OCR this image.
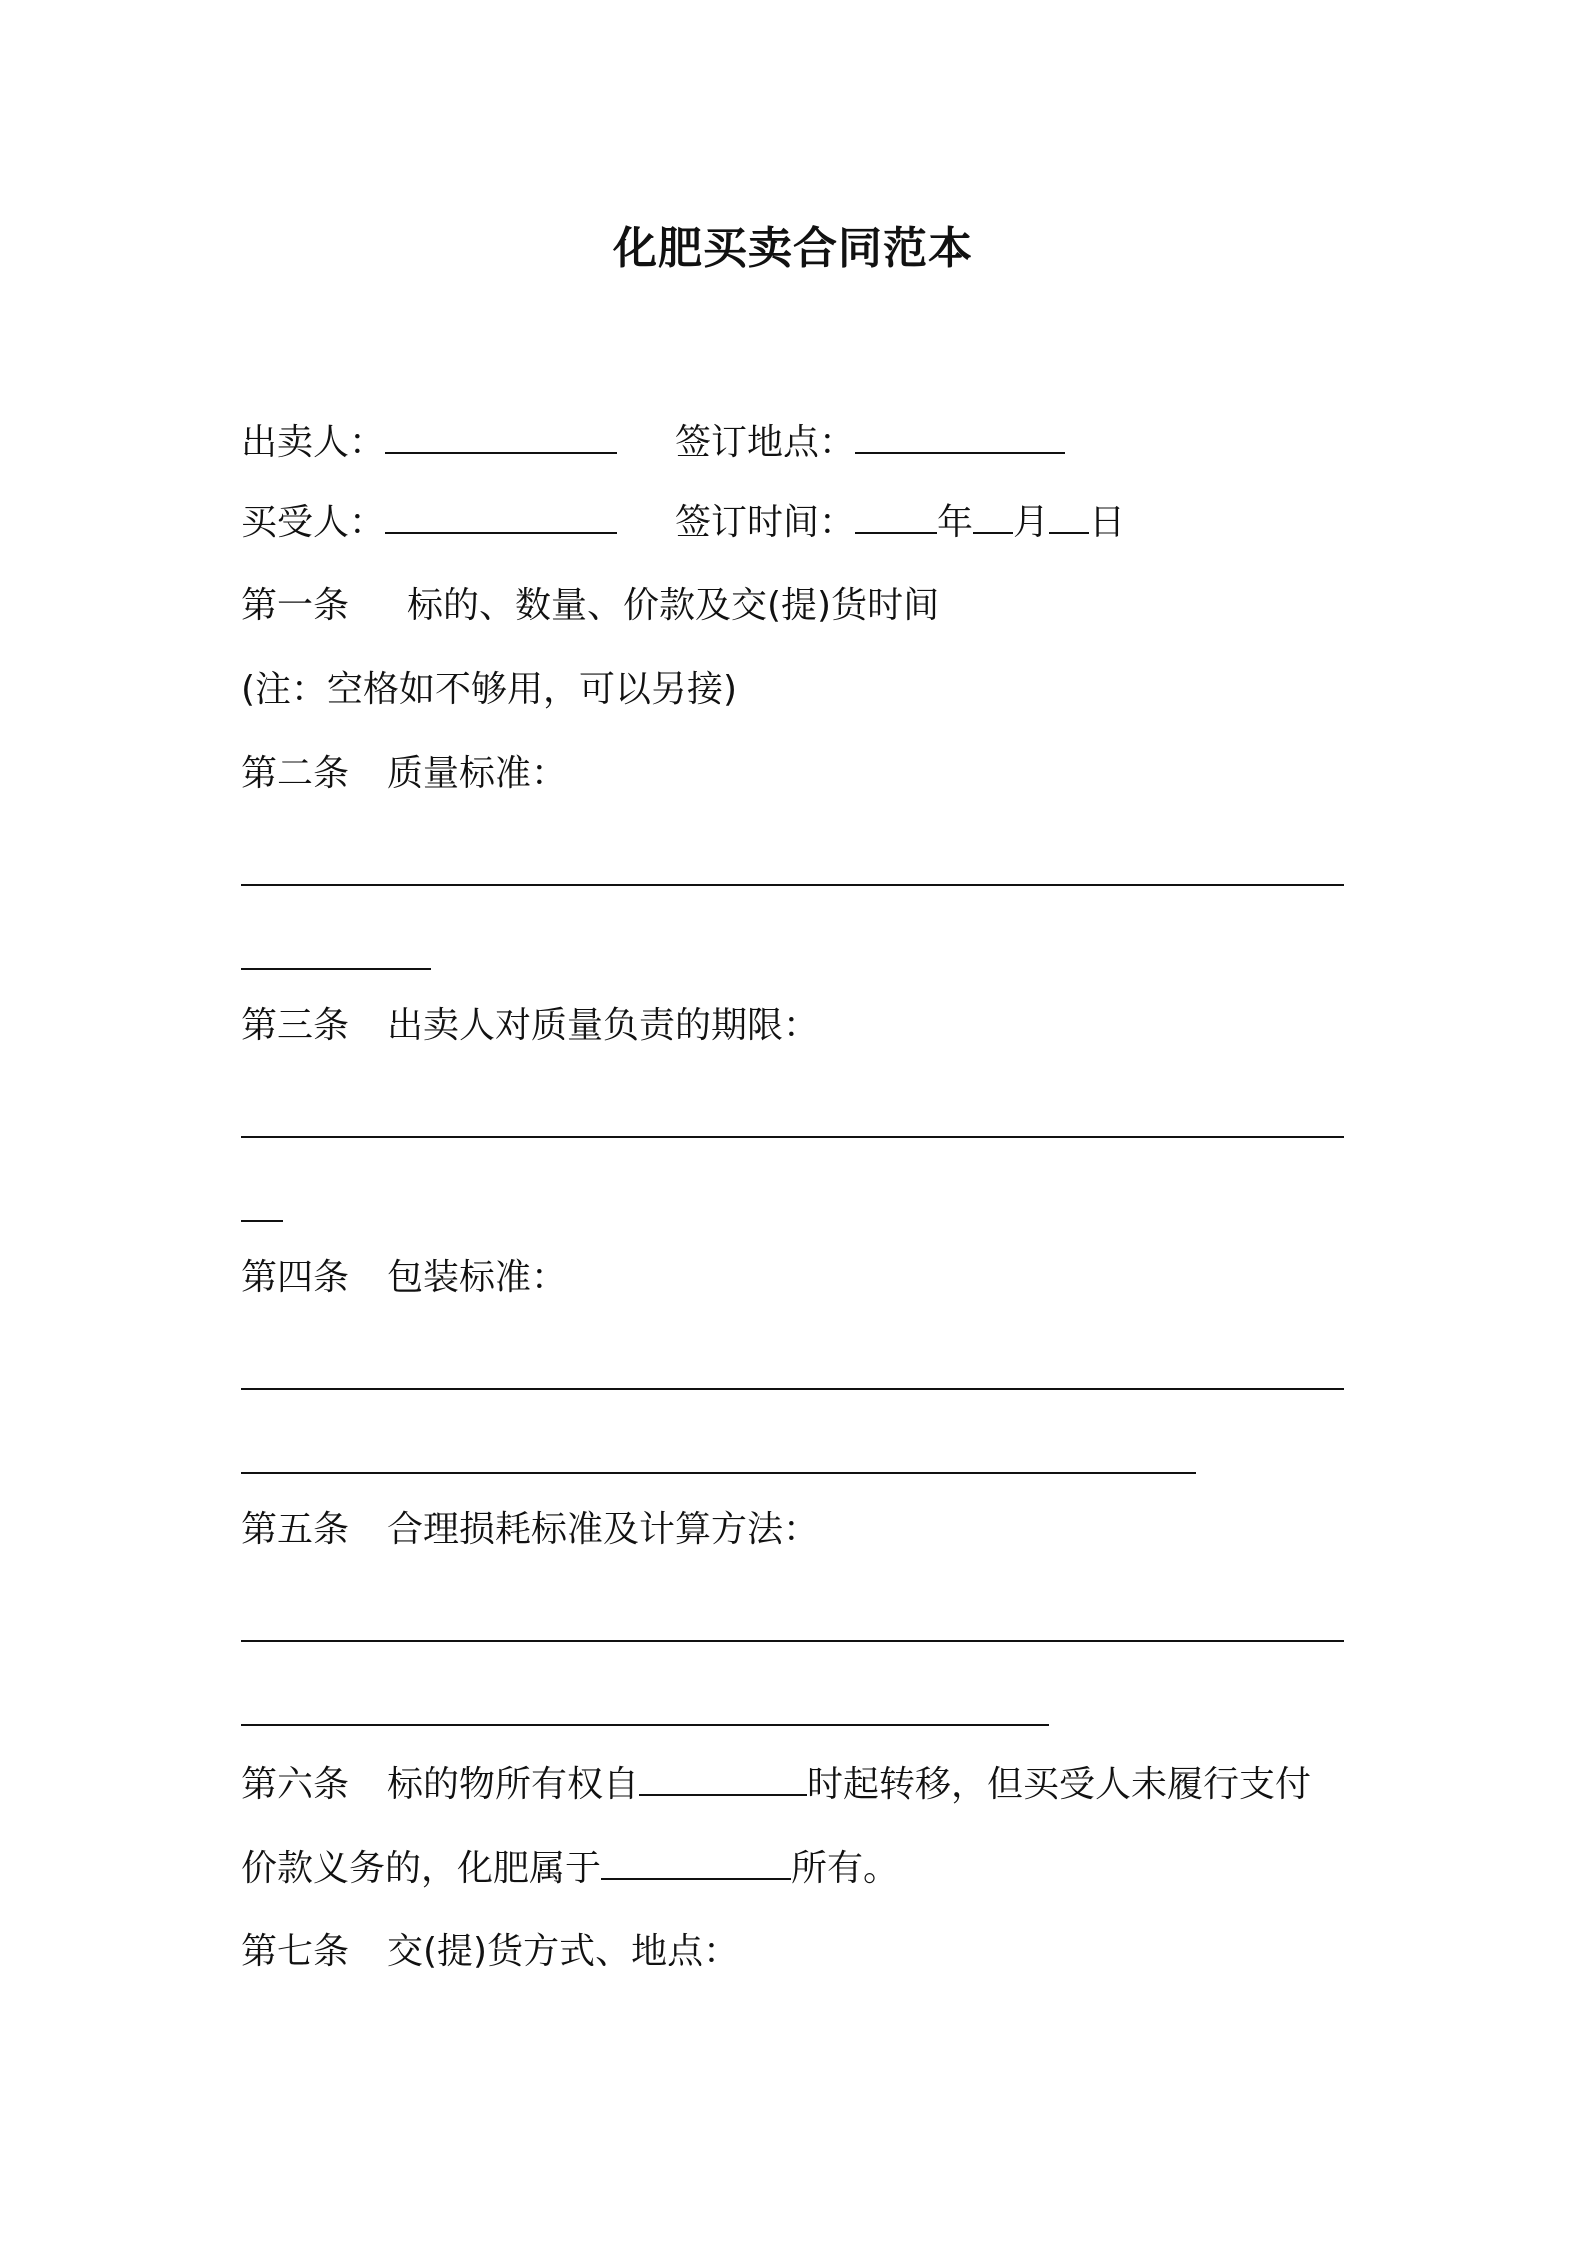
化肥买卖合同范本
出卖人：	签订地点：
买受人：	签订时间： 年 月 日
第一条 标的、数量、价款及交(提)货时间
(注：空格如不够用，可以另接)
第二条 质量标准：
第三条 出卖人对质量负责的期限：
第四条 包装标准：
第五条 合理损耗标准及计算方法：
第六条 标的物所有权自	时起转移，但买受人未履行支付
价款义务的，化肥属于	所有。
第七条 交(提)货方式、地点：
